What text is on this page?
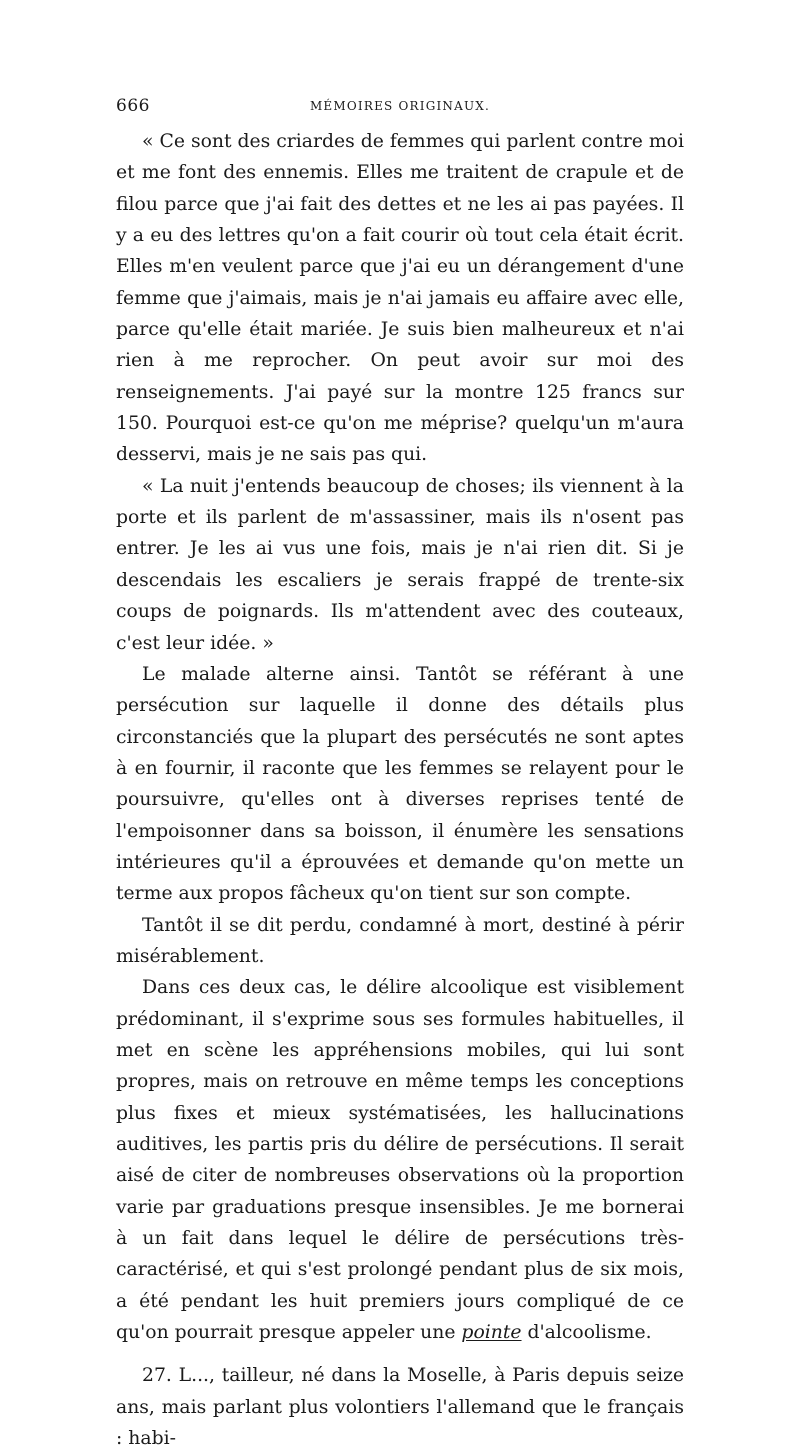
666	MÉMOIRES ORIGINAUX.

« Ce sont des criardes de femmes qui parlent contre moi et me font des ennemis. Elles me traitent de crapule et de filou parce que j'ai fait des dettes et ne les ai pas payées. Il y a eu des lettres qu'on a fait courir où tout cela était écrit. Elles m'en veulent parce que j'ai eu un dérangement d'une femme que j'aimais, mais je n'ai jamais eu affaire avec elle, parce qu'elle était mariée. Je suis bien malheureux et n'ai rien à me reprocher. On peut avoir sur moi des renseignements. J'ai payé sur la montre 125 francs sur 150. Pourquoi est-ce qu'on me méprise? quelqu'un m'aura desservi, mais je ne sais pas qui.

« La nuit j'entends beaucoup de choses; ils viennent à la porte et ils parlent de m'assassiner, mais ils n'osent pas entrer. Je les ai vus une fois, mais je n'ai rien dit. Si je descendais les escaliers je serais frappé de trente-six coups de poignards. Ils m'attendent avec des couteaux, c'est leur idée. »

Le malade alterne ainsi. Tantôt se référant à une persécution sur laquelle il donne des détails plus circonstanciés que la plupart des persécutés ne sont aptes à en fournir, il raconte que les femmes se relayent pour le poursuivre, qu'elles ont à diverses reprises tenté de l'empoisonner dans sa boisson, il énumère les sensations intérieures qu'il a éprouvées et demande qu'on mette un terme aux propos fâcheux qu'on tient sur son compte.

Tantôt il se dit perdu, condamné à mort, destiné à périr misérablement.

Dans ces deux cas, le délire alcoolique est visiblement prédominant, il s'exprime sous ses formules habituelles, il met en scène les appréhensions mobiles, qui lui sont propres, mais on retrouve en même temps les conceptions plus fixes et mieux systématisées, les hallucinations auditives, les partis pris du délire de persécutions. Il serait aisé de citer de nombreuses observations où la proportion varie par graduations presque insensibles. Je me bornerai à un fait dans lequel le délire de persécutions très-caractérisé, et qui s'est prolongé pendant plus de six mois, a été pendant les huit premiers jours compliqué de ce qu'on pourrait presque appeler une pointe d'alcoolisme.

27. L..., tailleur, né dans la Moselle, à Paris depuis seize ans, mais parlant plus volontiers l'allemand que le français : habi-
